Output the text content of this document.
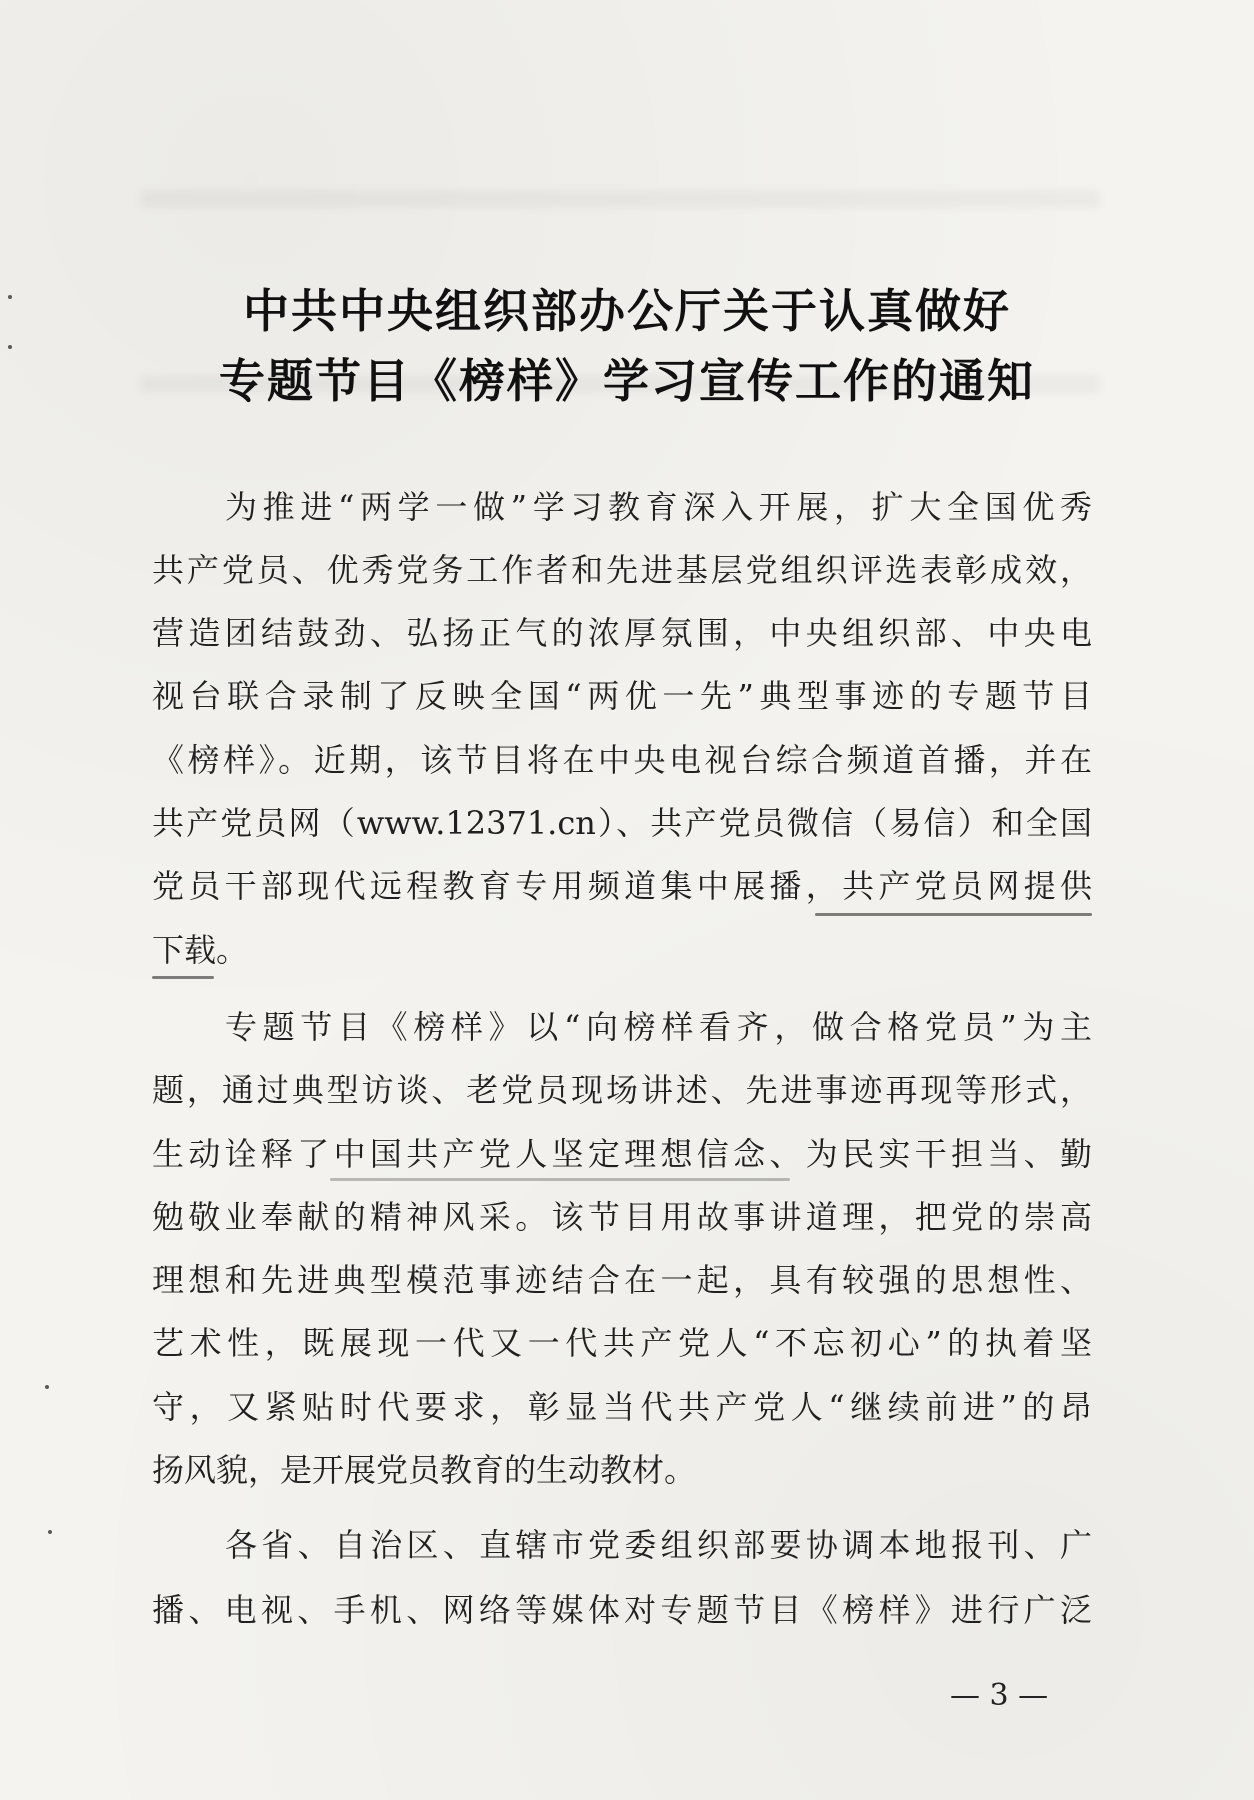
中共中央组织部办公厅关于认真做好
专题节目《榜样》学习宣传工作的通知
为推进“两学一做”学习教育深入开展，扩大全国优秀
共产党员、优秀党务工作者和先进基层党组织评选表彰成效，
营造团结鼓劲、弘扬正气的浓厚氛围，中央组织部、中央电
视台联合录制了反映全国“两优一先”典型事迹的专题节目
《榜样》。近期，该节目将在中央电视台综合频道首播，并在
共产党员网（www.12371.cn）、共产党员微信（易信）和全国
党员干部现代远程教育专用频道集中展播，共产党员网提供
下载。
专题节目《榜样》以“向榜样看齐，做合格党员”为主
题，通过典型访谈、老党员现场讲述、先进事迹再现等形式，
生动诠释了中国共产党人坚定理想信念、为民实干担当、勤
勉敬业奉献的精神风采。该节目用故事讲道理，把党的崇高
理想和先进典型模范事迹结合在一起，具有较强的思想性、
艺术性，既展现一代又一代共产党人“不忘初心”的执着坚
守，又紧贴时代要求，彰显当代共产党人“继续前进”的昂
扬风貌，是开展党员教育的生动教材。
各省、自治区、直辖市党委组织部要协调本地报刊、广
播、电视、手机、网络等媒体对专题节目《榜样》进行广泛
— 3 —
